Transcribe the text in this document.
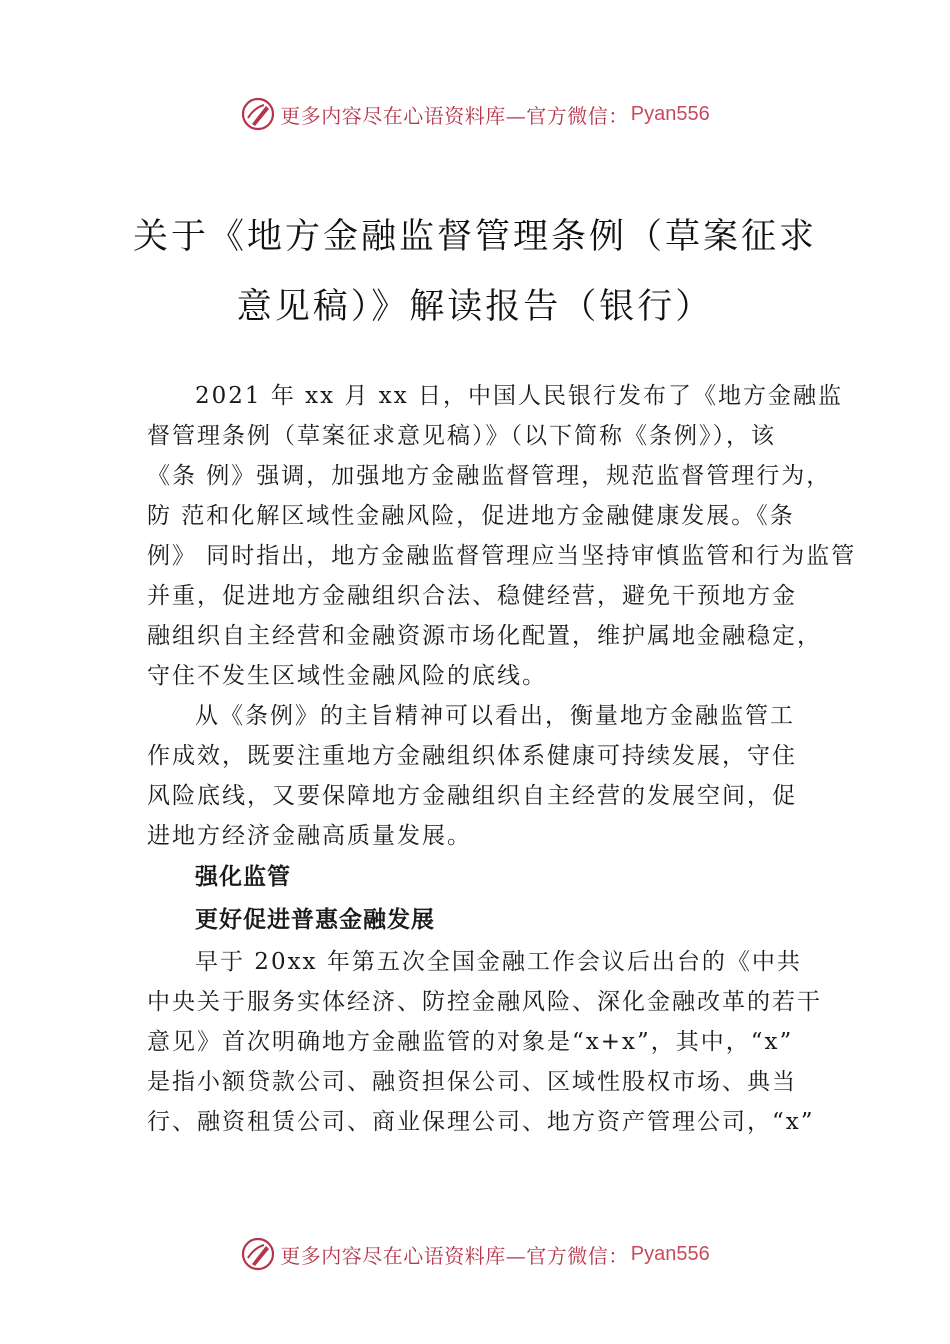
更多内容尽在心语资料库—官方微信： Pyan556
关于《地方金融监督管理条例（草案征求
意见稿）》解读报告（银行）

2021 年 xx 月 xx 日，中国人民银行发布了《地方金融监

督管理条例（草案征求意见稿）》（以下简称《条例》），该

《条 例》强调，加强地方金融监督管理，规范监督管理行为，

防 范和化解区域性金融风险，促进地方金融健康发展。《条

例》 同时指出，地方金融监督管理应当坚持审慎监管和行为监管

并重，促进地方金融组织合法、稳健经营，避免干预地方金

融组织自主经营和金融资源市场化配置，维护属地金融稳定，

守住不发生区域性金融风险的底线。

从《条例》的主旨精神可以看出，衡量地方金融监管工

作成效，既要注重地方金融组织体系健康可持续发展，守住

风险底线，又要保障地方金融组织自主经营的发展空间，促

进地方经济金融高质量发展。

强化监管
更好促进普惠金融发展

早于 20xx 年第五次全国金融工作会议后出台的《中共

中央关于服务实体经济、防控金融风险、深化金融改革的若干

意见》首次明确地方金融监管的对象是“x+x”，其中，“x”

是指小额贷款公司、融资担保公司、区域性股权市场、典当

行、融资租赁公司、商业保理公司、地方资产管理公司，“x”

更多内容尽在心语资料库—官方微信： Pyan556
